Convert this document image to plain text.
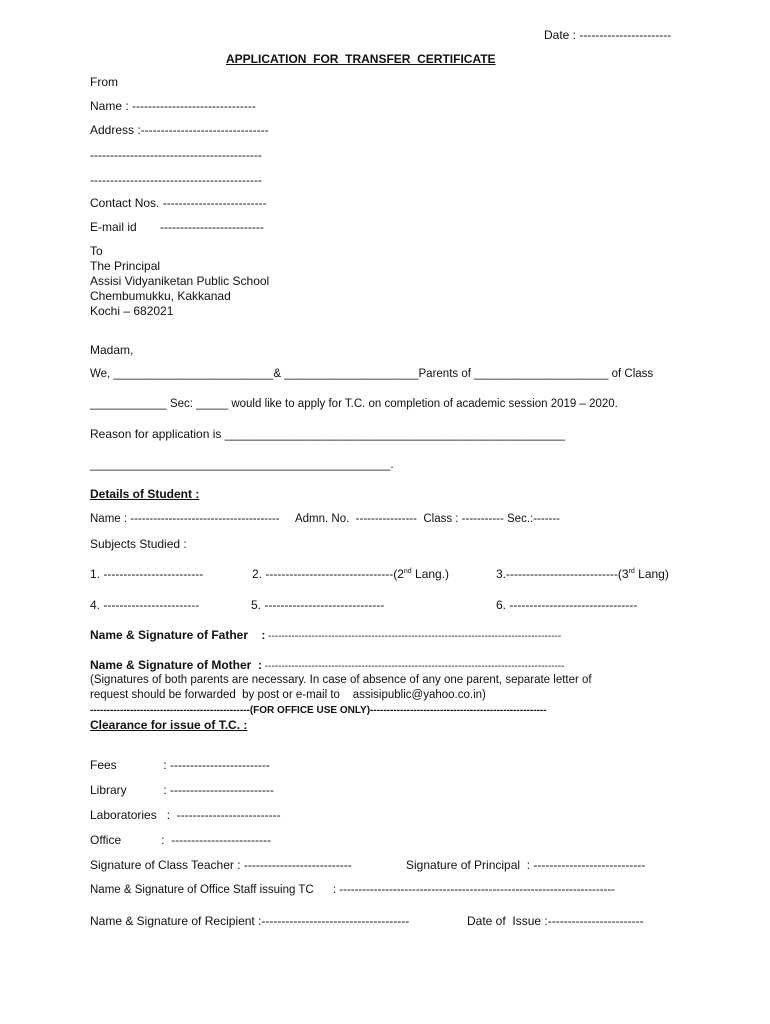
Date : -----------------------
APPLICATION  FOR  TRANSFER  CERTIFICATE
From
Name : -------------------------------
Address :--------------------------------
-------------------------------------------
-------------------------------------------
Contact Nos. --------------------------
E-mail id       --------------------------
To
The Principal
Assisi Vidyaniketan Public School
Chembumukku, Kakkanad
Kochi – 682021
Madam,
We, _________________________& _____________________Parents of _____________________ of Class
____________ Sec: _____ would like to apply for T.C. on completion of academic session 2019 – 2020.
Reason for application is ___________________________________________________
_____________________________________________.
Details of Student :
Name : ---------------------------------------     Admn. No.  ----------------  Class : ----------- Sec.:-------
Subjects Studied :
1. -------------------------	2. --------------------------------(2nd Lang.)	3.----------------------------(3rd Lang)
4. ------------------------	5. ------------------------------	6. --------------------------------
Name & Signature of Father    : ----------------------------------------------------------------------------------------
Name & Signature of Mother  : ------------------------------------------------------------------------------------------
(Signatures of both parents are necessary. In case of absence of any one parent, separate letter of
request should be forwarded  by post or e-mail to    assisipublic@yahoo.co.in)
------------------------------------------------(FOR OFFICE USE ONLY)-----------------------------------------------------
Clearance for issue of T.C. :
Fees              : -------------------------
Library           : --------------------------
Laboratories   :  --------------------------
Office            :  -------------------------
Signature of Class Teacher : ---------------------------	Signature of Principal  : ----------------------------
Name & Signature of Office Staff issuing TC      : ------------------------------------------------------------------------
Name & Signature of Recipient :-------------------------------------	Date of  Issue :------------------------
